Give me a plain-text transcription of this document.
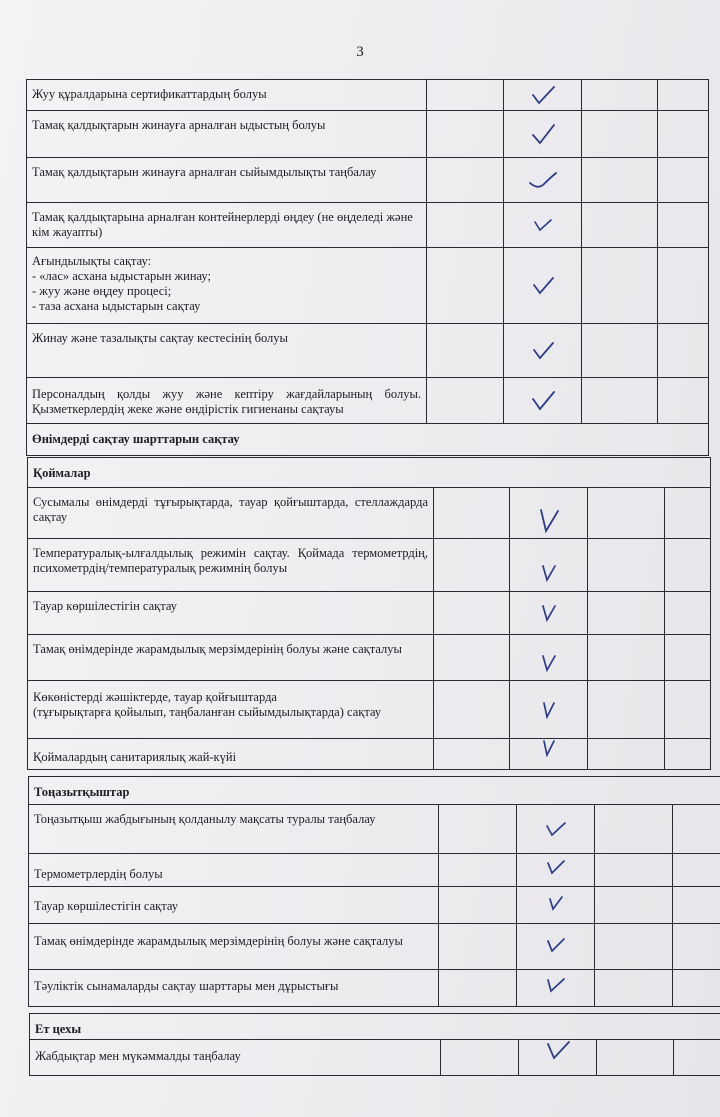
3
Жуу құралдарына сертификаттардың болуы		

Тамақ қалдықтарын жинауға арналған ыдыстың болуы		

Тамақ қалдықтарын жинауға арналған сыйымдылықты таңбалау		

Тамақ қалдықтарына арналған контейнерлерді өңдеу (не өңделеді және кім жауапты)		

Ағындылықты сақтау:
- «лас» асхана ыдыстарын жинау;
- жуу және өңдеу процесі;
- таза асхана ыдыстарын сақтау		

Жинау және тазалықты сақтау кестесінің болуы		

Персоналдың қолды жуу және кептіру жағдайларының болуы. Қызметкерлердің жеке және өндірістік гигиенаны сақтауы

Өнімдерді сақтау шарттарын сақтау				
Қоймалар				

Сусымалы өнімдерді тұғырықтарда, тауар қойғыштарда, стеллаждарда сақтау

Температуралық-ылғалдылық режимін сақтау. Қоймада термометрдің, психометрдің/температуралық режимнің болуы

Тауар көршілестігін сақтау		

Тамақ өнімдерінде жарамдылық мерзімдерінің болуы және сақталуы

Көкөністерді жәшіктерде, тауар қойғыштарда
(тұғырықтарға қойылып, таңбаланған сыйымдылықтарда) сақтау		

Қоймалардың санитариялық жай-күйі		

Тоңазытқыштар				
Тоңазытқыш жабдығының қолданылу мақсаты туралы таңбалау		

Термометрлердің болуы		

Тауар көршілестігін сақтау		

Тамақ өнімдерінде жарамдылық мерзімдерінің болуы және сақталуы

Тәуліктік сынамаларды сақтау шарттары мен дұрыстығы		

Ет цехы
Жабдықтар мен мүкәммалды таңбалау		
